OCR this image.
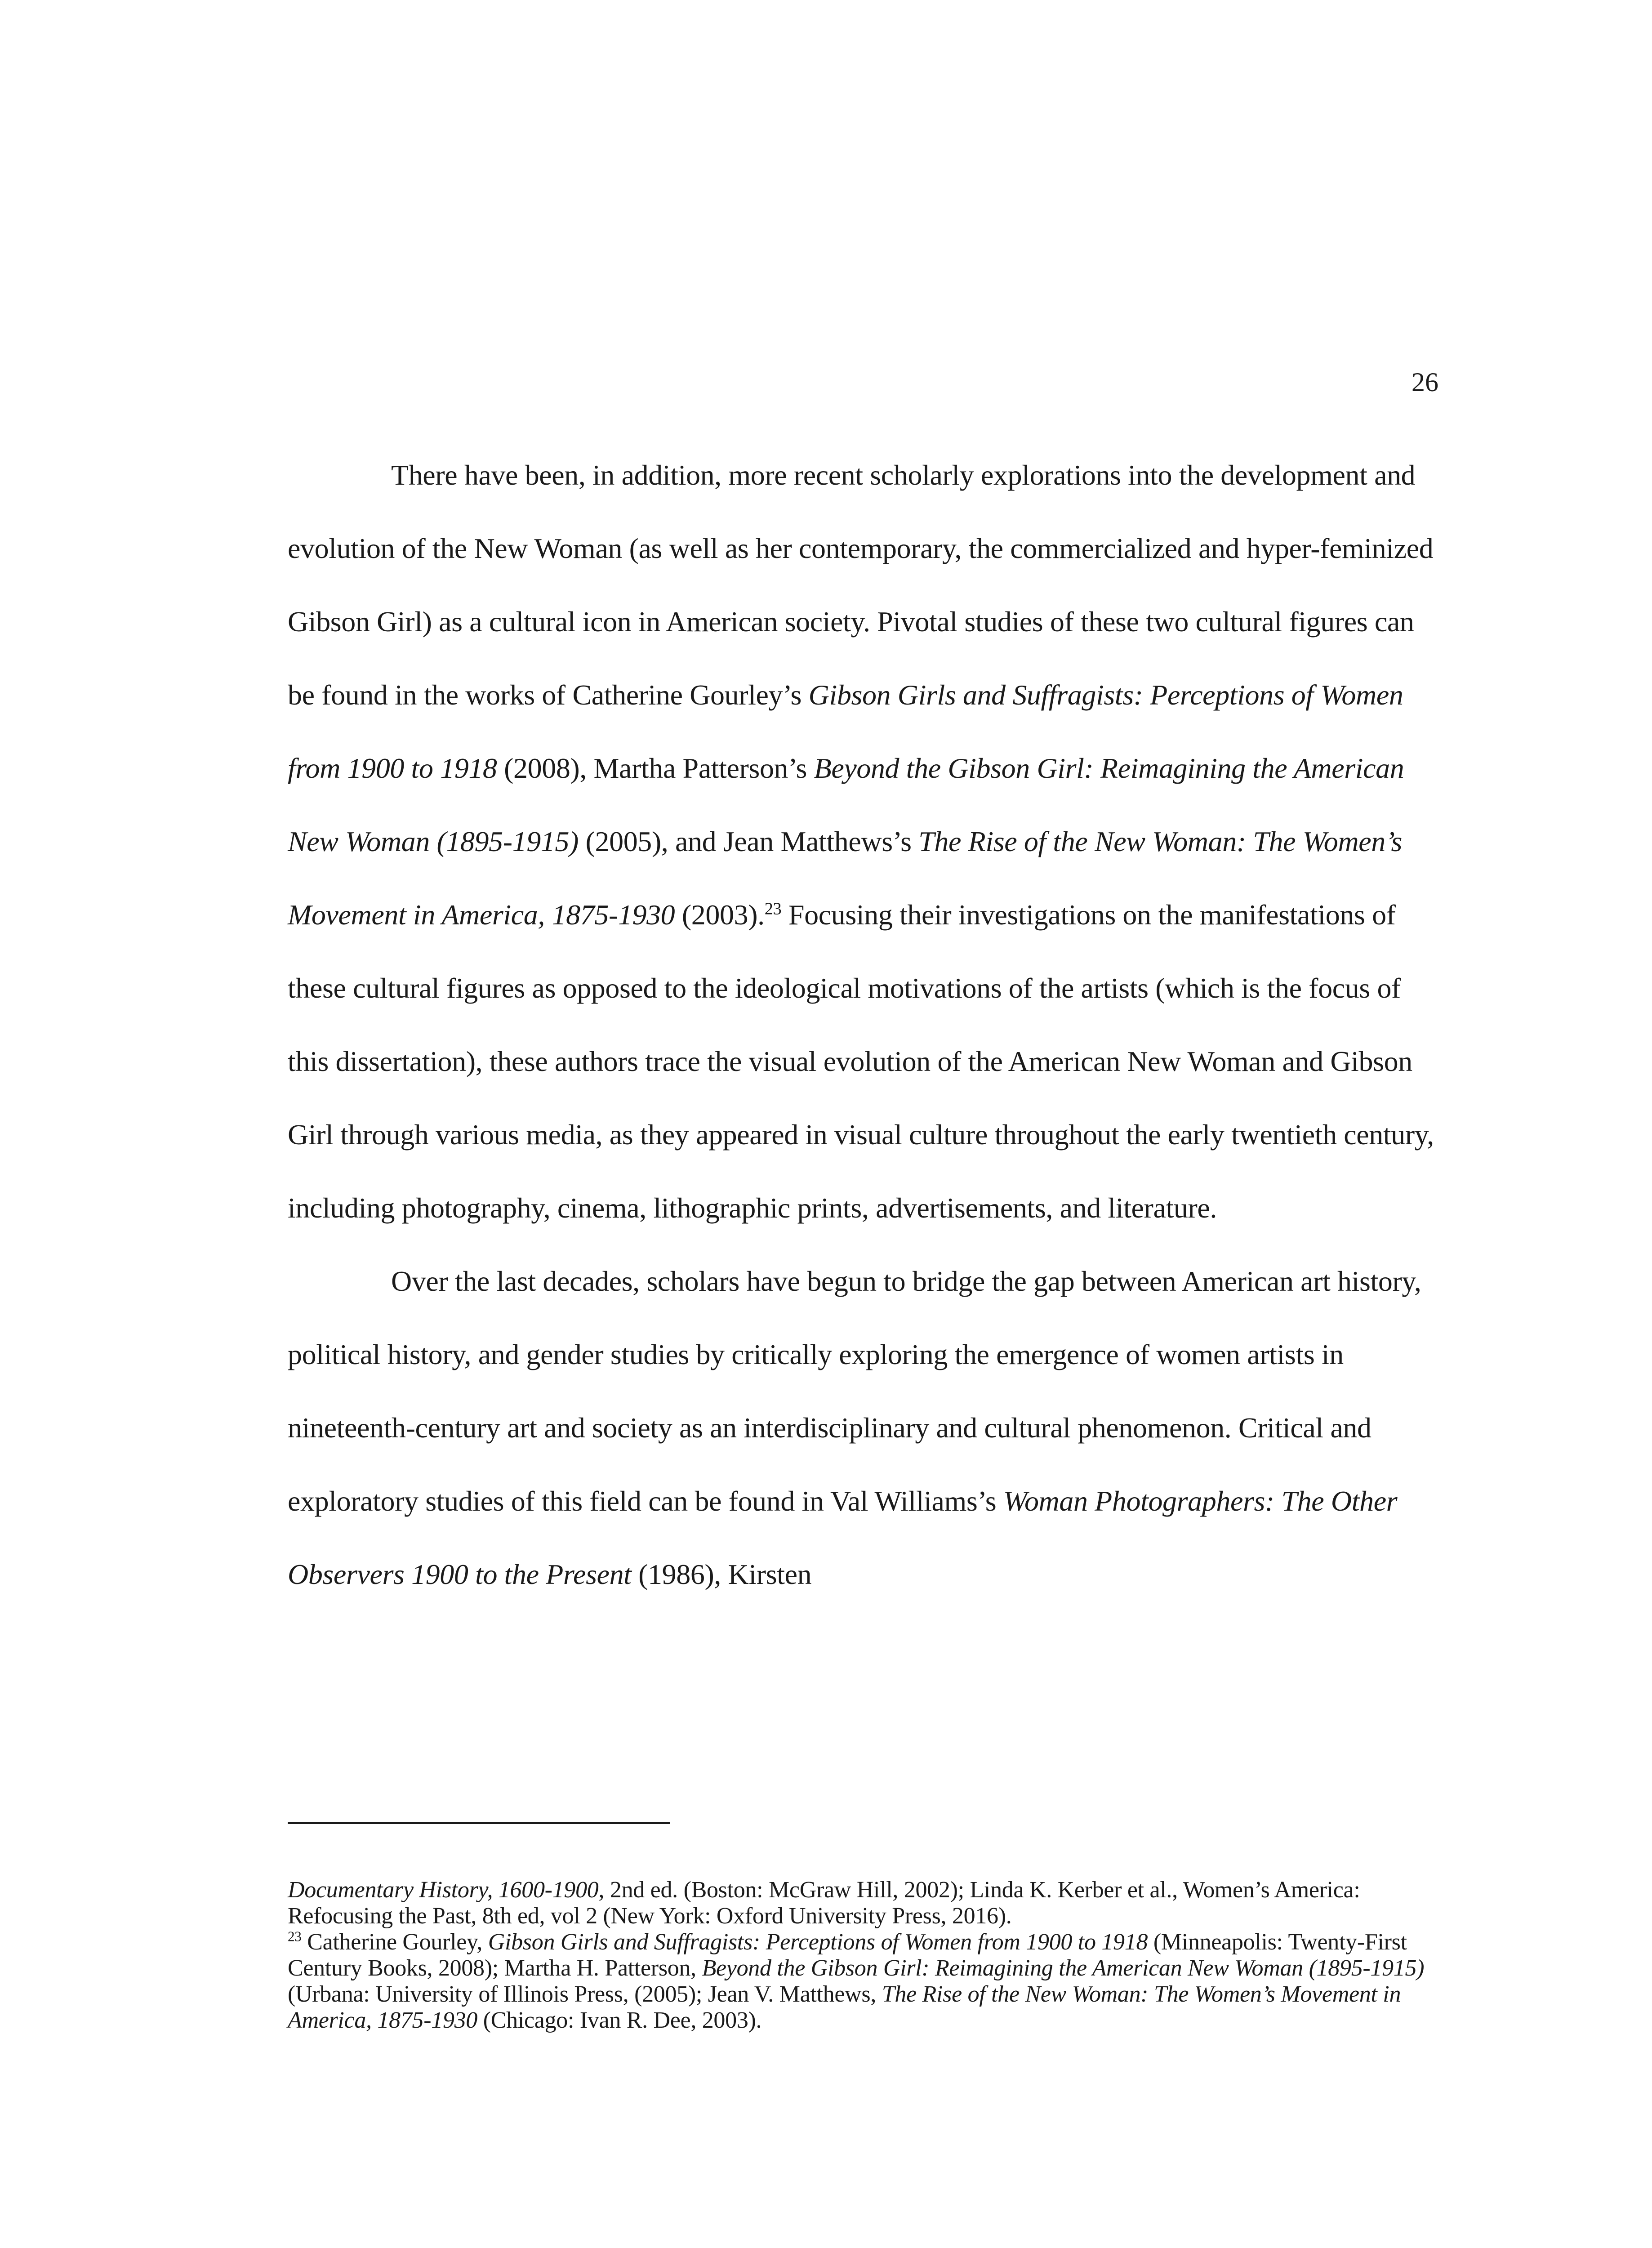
26

There have been, in addition, more recent scholarly explorations into the development and evolution of the New Woman (as well as her contemporary, the commercialized and hyper-feminized Gibson Girl) as a cultural icon in American society. Pivotal studies of these two cultural figures can be found in the works of Catherine Gourley’s Gibson Girls and Suffragists: Perceptions of Women from 1900 to 1918 (2008), Martha Patterson’s Beyond the Gibson Girl: Reimagining the American New Woman (1895-1915) (2005), and Jean Matthews’s The Rise of the New Woman: The Women’s Movement in America, 1875-1930 (2003).$^{23}$ Focusing their investigations on the manifestations of these cultural figures as opposed to the ideological motivations of the artists (which is the focus of this dissertation), these authors trace the visual evolution of the American New Woman and Gibson Girl through various media, as they appeared in visual culture throughout the early twentieth century, including photography, cinema, lithographic prints, advertisements, and literature.

Over the last decades, scholars have begun to bridge the gap between American art history, political history, and gender studies by critically exploring the emergence of women artists in nineteenth-century art and society as an interdisciplinary and cultural phenomenon. Critical and exploratory studies of this field can be found in Val Williams’s Woman Photographers: The Other Observers 1900 to the Present (1986), Kirsten

Documentary History, 1600-1900, 2nd ed. (Boston: McGraw Hill, 2002); Linda K. Kerber et al., Women’s America: Refocusing the Past, 8th ed, vol 2 (New York: Oxford University Press, 2016).

$^{23}$ Catherine Gourley, Gibson Girls and Suffragists: Perceptions of Women from 1900 to 1918 (Minneapolis: Twenty-First Century Books, 2008); Martha H. Patterson, Beyond the Gibson Girl: Reimagining the American New Woman (1895-1915) (Urbana: University of Illinois Press, (2005); Jean V. Matthews, The Rise of the New Woman: The Women’s Movement in America, 1875-1930 (Chicago: Ivan R. Dee, 2003).
